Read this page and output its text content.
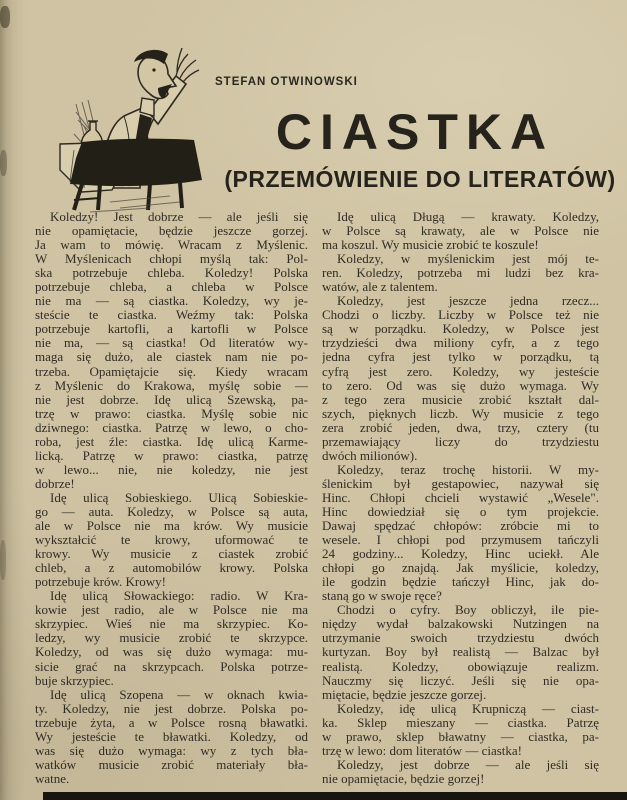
STEFAN OTWINOWSKI
CIASTKA
(PRZEMÓWIENIE DO LITERATÓW)
Koledzy! Jest dobrze — ale jeśli się
nie opamiętacie, będzie jeszcze gorzej.
Ja wam to mówię. Wracam z Myślenic.
W Myślenicach chłopi myślą tak: Pol-
ska potrzebuje chleba. Koledzy! Polska
potrzebuje chleba, a chleba w Polsce
nie ma — są ciastka. Koledzy, wy je-
steście te ciastka. Weźmy tak: Polska
potrzebuje kartofli, a kartofli w Polsce
nie ma, — są ciastka! Od literatów wy-
maga się dużo, ale ciastek nam nie po-
trzeba. Opamiętajcie się. Kiedy wracam
z Myślenic do Krakowa, myślę sobie —
nie jest dobrze. Idę ulicą Szewską, pa-
trzę w prawo: ciastka. Myślę sobie nic
dziwnego: ciastka. Patrzę w lewo, o cho-
roba, jest źle: ciastka. Idę ulicą Karme-
licką. Patrzę w prawo: ciastka, patrzę
w lewo... nie, nie koledzy, nie jest
dobrze!
Idę ulicą Sobieskiego. Ulicą Sobieskie-
go — auta. Koledzy, w Polsce są auta,
ale w Polsce nie ma krów. Wy musicie
wykształcić te krowy, uformować te
krowy. Wy musicie z ciastek zrobić
chleb, a z automobilów krowy. Polska
potrzebuje krów. Krowy!
Idę ulicą Słowackiego: radio. W Kra-
kowie jest radio, ale w Polsce nie ma
skrzypiec. Wieś nie ma skrzypiec. Ko-
ledzy, wy musicie zrobić te skrzypce.
Koledzy, od was się dużo wymaga: mu-
sicie grać na skrzypcach. Polska potrze-
buje skrzypiec.
Idę ulicą Szopena — w oknach kwia-
ty. Koledzy, nie jest dobrze. Polska po-
trzebuje żyta, a w Polsce rosną bławatki.
Wy jesteście te bławatki. Koledzy, od
was się dużo wymaga: wy z tych bła-
watków musicie zrobić materiały bła-
watne.
Idę ulicą Długą — krawaty. Koledzy,
w Polsce są krawaty, ale w Polsce nie
ma koszul. Wy musicie zrobić te koszule!
Koledzy, w myślenickim jest mój te-
ren. Koledzy, potrzeba mi ludzi bez kra-
watów, ale z talentem.
Koledzy, jest jeszcze jedna rzecz...
Chodzi o liczby. Liczby w Polsce też nie
są w porządku. Koledzy, w Polsce jest
trzydzieści dwa miliony cyfr, a z tego
jedna cyfra jest tylko w porządku, tą
cyfrą jest zero. Koledzy, wy jesteście
to zero. Od was się dużo wymaga. Wy
z tego zera musicie zrobić kształt dal-
szych, pięknych liczb. Wy musicie z tego
zera zrobić jeden, dwa, trzy, cztery (tu
przemawiający liczy do trzydziestu
dwóch milionów).
Koledzy, teraz trochę historii. W my-
ślenickim był gestapowiec, nazywał się
Hinc. Chłopi chcieli wystawić „Wesele".
Hinc dowiedział się o tym projekcie.
Dawaj spędzać chłopów: zróbcie mi to
wesele. I chłopi pod przymusem tańczyli
24 godziny... Koledzy, Hinc uciekł. Ale
chłopi go znajdą. Jak myślicie, koledzy,
ile godzin będzie tańczył Hinc, jak do-
staną go w swoje ręce?
Chodzi o cyfry. Boy obliczył, ile pie-
niędzy wydał balzakowski Nutzingen na
utrzymanie swoich trzydziestu dwóch
kurtyzan. Boy był realistą — Balzac był
realistą. Koledzy, obowiązuje realizm.
Nauczmy się liczyć. Jeśli się nie opa-
miętacie, będzie jeszcze gorzej.
Koledzy, idę ulicą Krupniczą — ciast-
ka. Sklep mieszany — ciastka. Patrzę
w prawo, sklep bławatny — ciastka, pa-
trzę w lewo: dom literatów — ciastka!
Koledzy, jest dobrze — ale jeśli się
nie opamiętacie, będzie gorzej!
